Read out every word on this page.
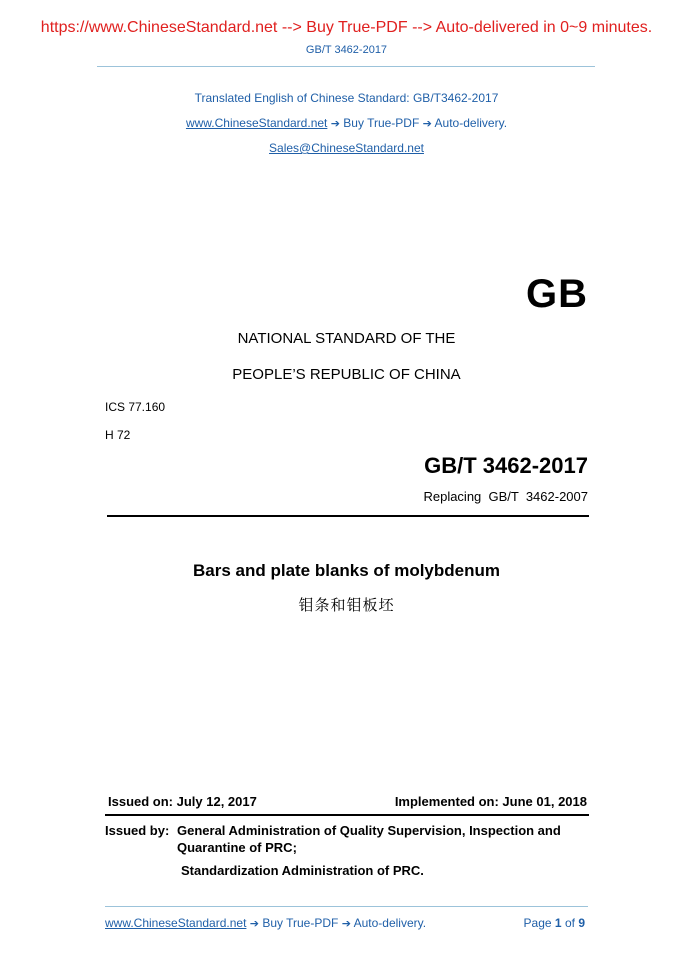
https://www.ChineseStandard.net --> Buy True-PDF --> Auto-delivered in 0~9 minutes.
GB/T 3462-2017
Translated English of Chinese Standard: GB/T3462-2017
www.ChineseStandard.net ➔ Buy True-PDF ➔ Auto-delivery.
Sales@ChineseStandard.net
GB
NATIONAL STANDARD OF THE
PEOPLE’S REPUBLIC OF CHINA
ICS 77.160
H 72
GB/T 3462-2017
Replacing  GB/T  3462-2007
Bars and plate blanks of molybdenum
钼条和钼板坯
Issued on: July 12, 2017	Implemented on: June 01, 2018
Issued by: General Administration of Quality Supervision, Inspection and Quarantine of PRC;
Standardization Administration of PRC.
www.ChineseStandard.net ➔ Buy True-PDF ➔ Auto-delivery.	Page 1 of 9
